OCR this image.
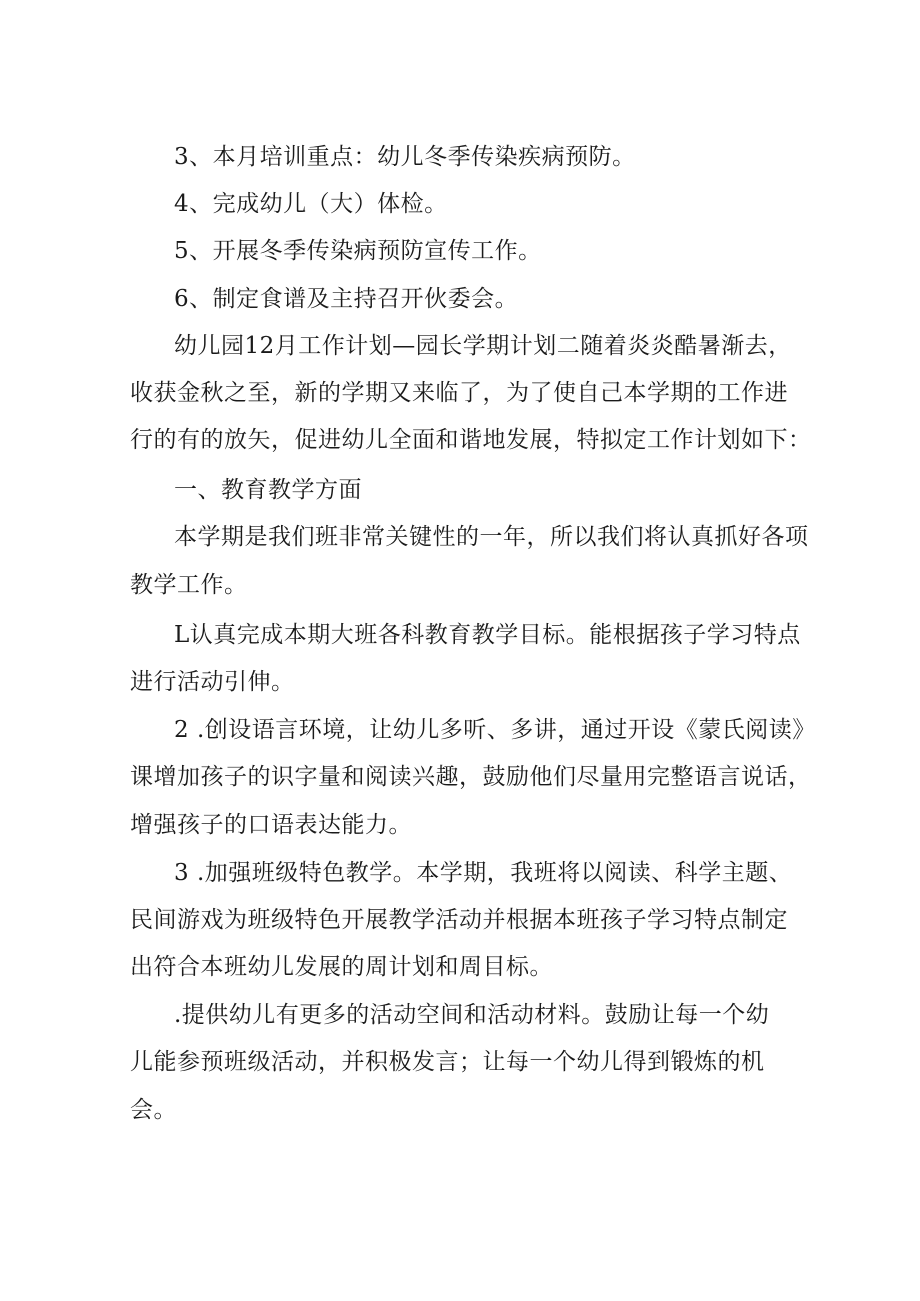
3、本月培训重点：幼儿冬季传染疾病预防。
4、完成幼儿（大）体检。
5、开展冬季传染病预防宣传工作。
6、制定食谱及主持召开伙委会。
幼儿园12月工作计划—园长学期计划二随着炎炎酷暑渐去，
收获金秋之至，新的学期又来临了，为了使自己本学期的工作进
行的有的放矢，促进幼儿全面和谐地发展，特拟定工作计划如下：
一、教育教学方面
本学期是我们班非常关键性的一年，所以我们将认真抓好各项
教学工作。
L认真完成本期大班各科教育教学目标。能根据孩子学习特点
进行活动引伸。
2 .创设语言环境，让幼儿多听、多讲，通过开设《蒙氏阅读》
课增加孩子的识字量和阅读兴趣，鼓励他们尽量用完整语言说话，
增强孩子的口语表达能力。
3 .加强班级特色教学。本学期，我班将以阅读、科学主题、
民间游戏为班级特色开展教学活动并根据本班孩子学习特点制定
出符合本班幼儿发展的周计划和周目标。
.提供幼儿有更多的活动空间和活动材料。鼓励让每一个幼
儿能参预班级活动，并积极发言；让每一个幼儿得到锻炼的机
会。
